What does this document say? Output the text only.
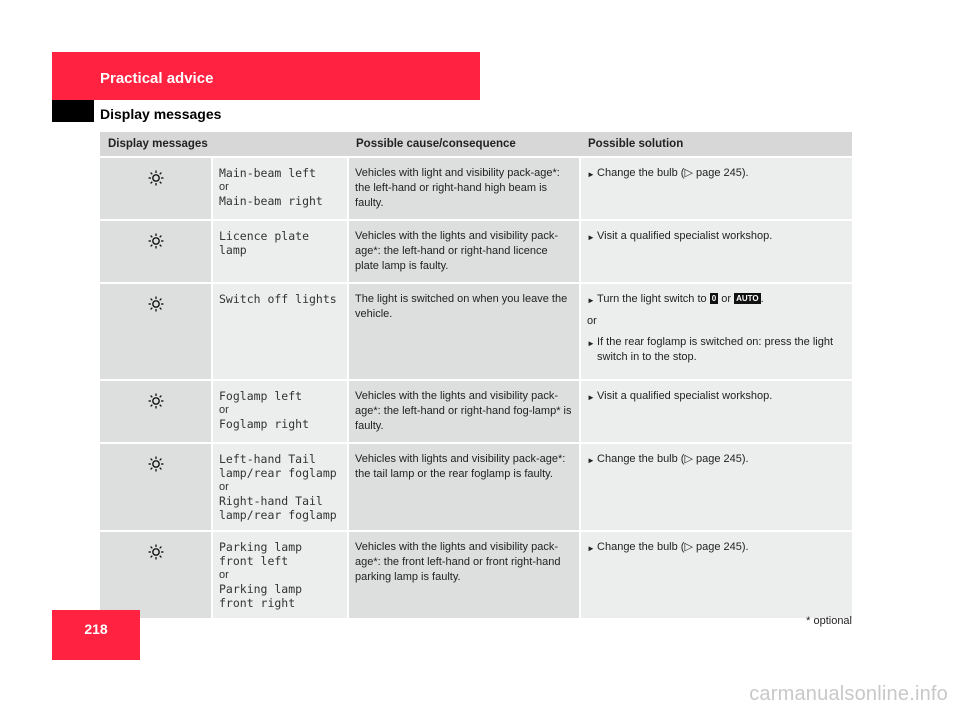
Practical advice
Display messages
Display messages		Possible cause/consequence	Possible solution
	Main-beam left
or
Main-beam right	Vehicles with light and visibility pack-age*: the left-hand or right-hand high beam is faulty.	► Change the bulb (▷ page 245).

	Licence plate lamp	Vehicles with the lights and visibility pack-age*: the left-hand or right-hand licence plate lamp is faulty.	► Visit a qualified specialist workshop.

	Switch off lights	The light is switched on when you leave the vehicle.	► Turn the light switch to 0 or AUTO .
or
► If the rear foglamp is switched on: press the light switch in to the stop.

	Foglamp left
or
Foglamp right	Vehicles with the lights and visibility pack-age*: the left-hand or right-hand fog-lamp* is faulty.	► Visit a qualified specialist workshop.

	Left-hand Tail lamp/rear foglamp
or
Right-hand Tail lamp/rear foglamp	Vehicles with lights and visibility pack-age*: the tail lamp or the rear foglamp is faulty.	► Change the bulb (▷ page 245).

	Parking lamp front left
or
Parking lamp front right	Vehicles with the lights and visibility pack-age*: the front left-hand or front right-hand parking lamp is faulty.	► Change the bulb (▷ page 245).
218	* optional
carmanualsonline.info
